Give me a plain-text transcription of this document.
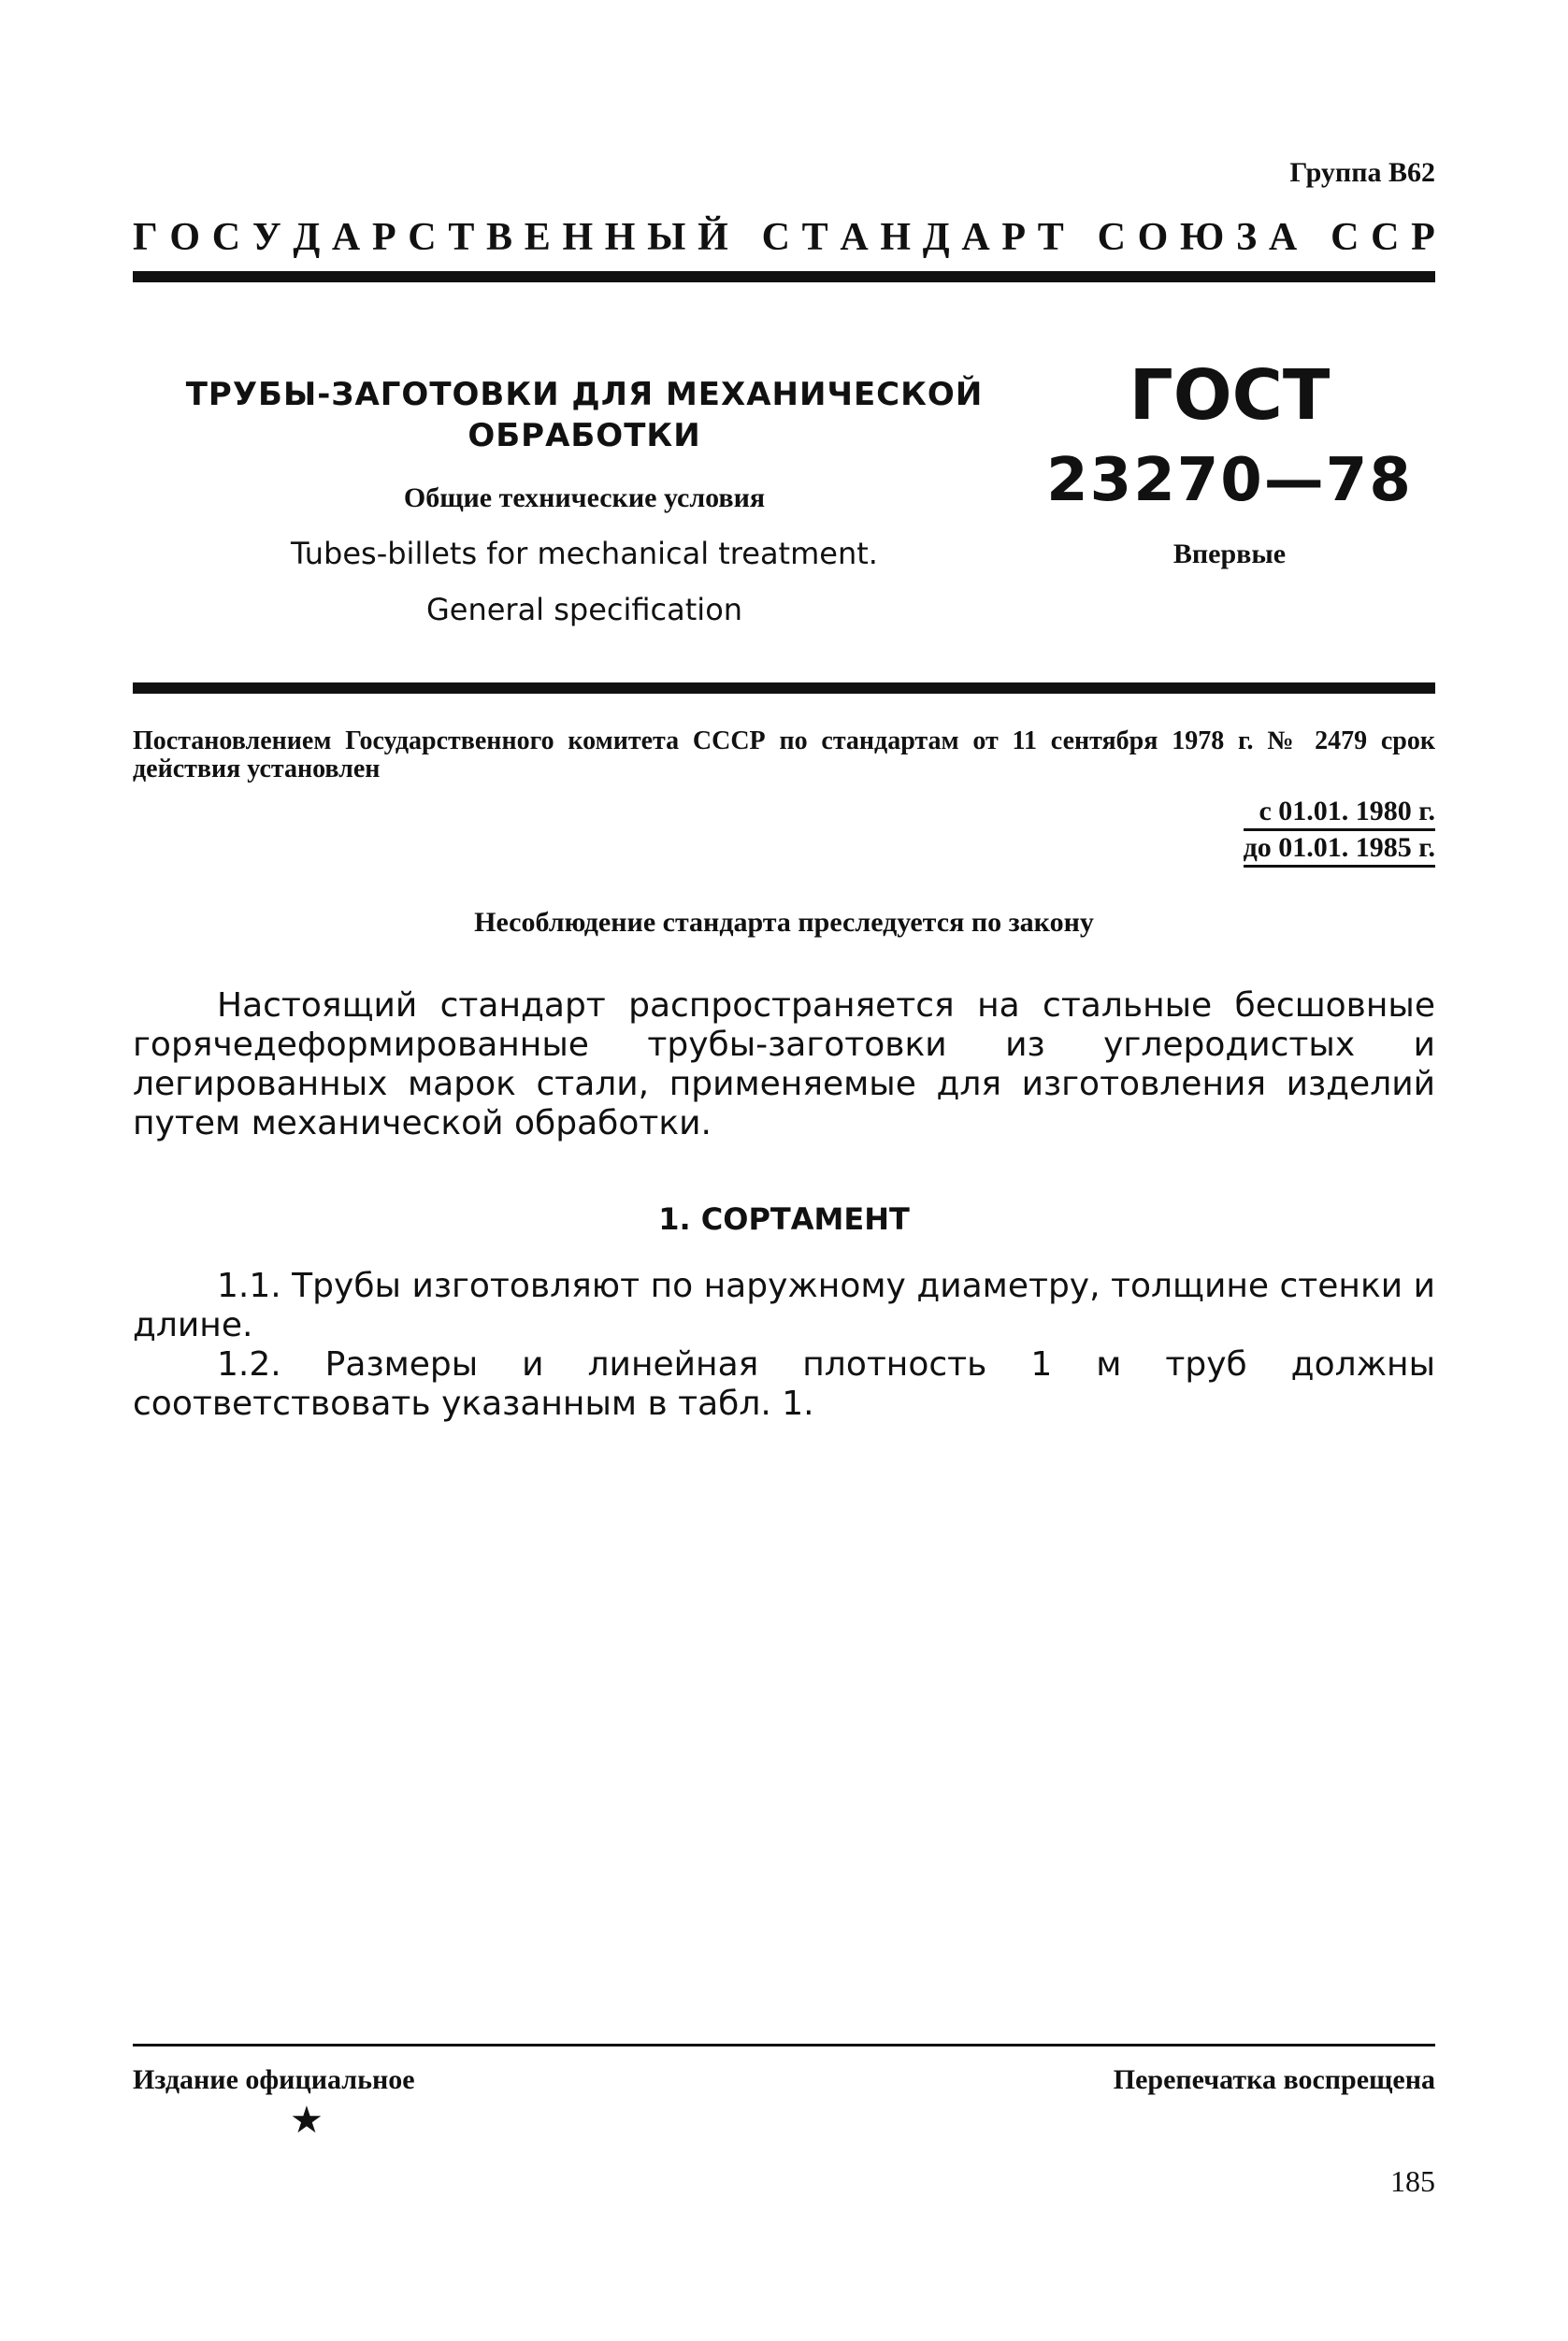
Группа В62
Г О С У Д А Р С Т В Е Н Н Ы Й
С Т А Н Д А Р Т
С О Ю З А
С С Р
ТРУБЫ-ЗАГОТОВКИ ДЛЯ МЕХАНИЧЕСКОЙ
ОБРАБОТКИ
Общие технические условия
Tubes-billets for mechanical treatment.
General specification
ГОСТ
23270—78
Впервые
Постановлением Государственного комитета СССР по стандартам от 11 сентября 1978 г. № 2479 срок действия установлен
с 01.01. 1980 г.
до 01.01. 1985 г.
Несоблюдение стандарта преследуется по закону

Настоящий стандарт распространяется на стальные бесшовные горячедеформированные трубы-заготовки из углеродистых и легированных марок стали, применяемые для изготовления изделий путем механической обработки.

1. СОРТАМЕНТ

1.1. Трубы изготовляют по наружному диаметру, толщине стенки и длине.

1.2. Размеры и линейная плотность 1 м труб должны соответствовать указанным в табл. 1.

Издание официальное	Перепечатка воспрещена
★
185
